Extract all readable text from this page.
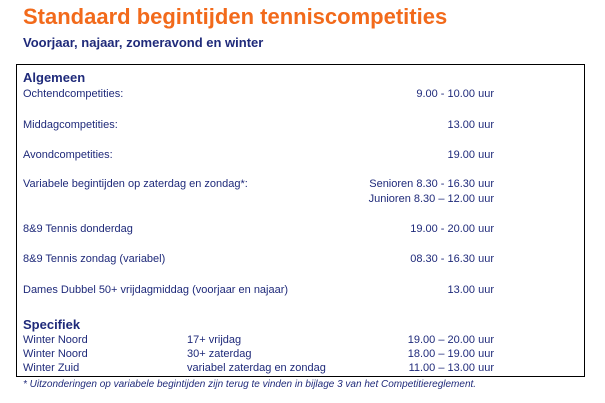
Standaard begintijden tenniscompetities
Voorjaar, najaar, zomeravond en winter
Algemeen
Ochtendcompetities:	9.00 - 10.00 uur
Middagcompetities:	13.00 uur
Avondcompetities:	19.00 uur
Variabele begintijden op zaterdag en zondag*:	Senioren 8.30 - 16.30 uur
Junioren 8.30 – 12.00 uur
8&9 Tennis donderdag	19.00 - 20.00 uur
8&9 Tennis zondag (variabel)	08.30 - 16.30 uur
Dames Dubbel 50+ vrijdagmiddag (voorjaar en najaar)	13.00 uur
Specifiek
Winter Noord	17+ vrijdag	19.00 – 20.00 uur
Winter Noord	30+ zaterdag	18.00 – 19.00 uur
Winter Zuid	variabel zaterdag en zondag	11.00 – 13.00 uur
* Uitzonderingen op variabele begintijden zijn terug te vinden in bijlage 3 van het Competitiereglement.
